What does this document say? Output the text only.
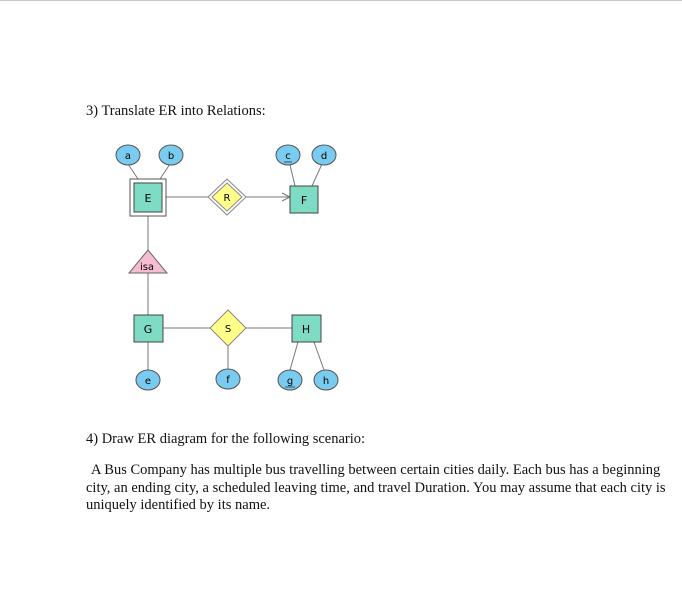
3) Translate ER into Relations:
E	R	F
isa
G	S	H
a	b	c	d
e	f	g	h
4) Draw ER diagram for the following scenario:
A Bus Company has multiple bus travelling between certain cities daily. Each bus has a beginning city, an ending city, a scheduled leaving time, and travel Duration. You may assume that each city is uniquely identified by its name.
